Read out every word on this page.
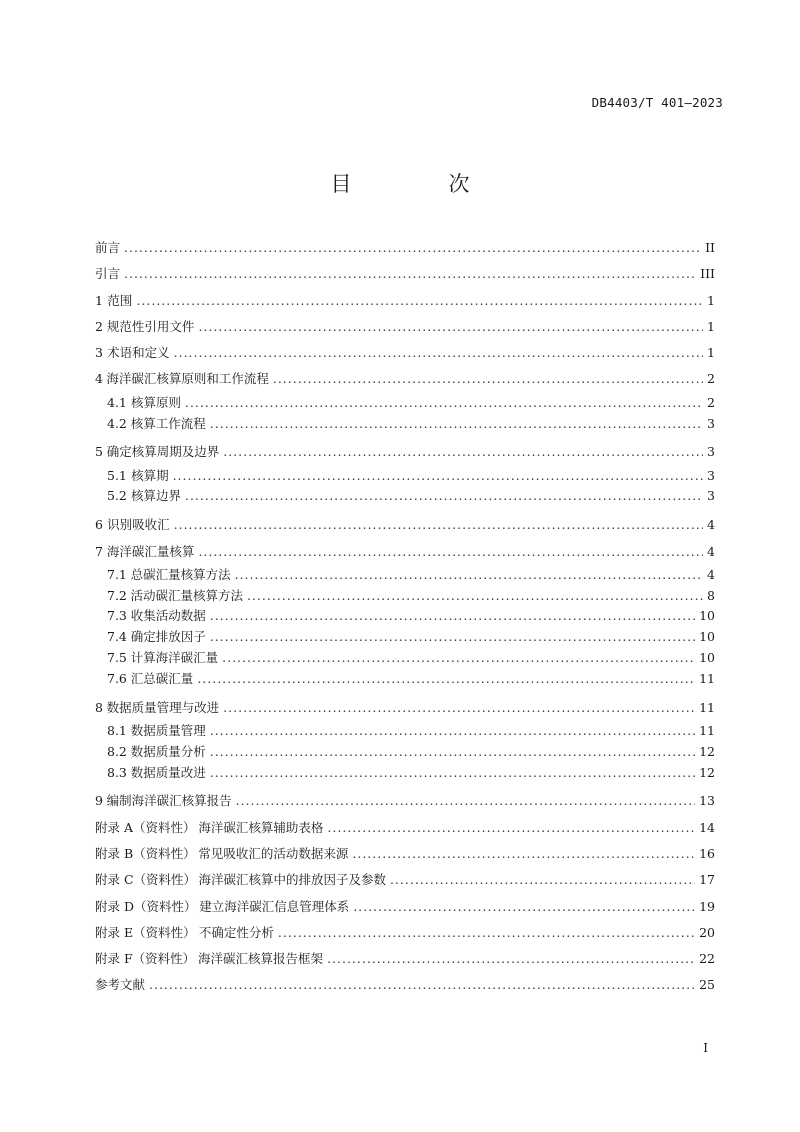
DB4403/T 401—2023
目　次
前言 .....	II
引言 .....	III
1 范围 .....	1
2 规范性引用文件 .....	1
3 术语和定义 .....	1
4 海洋碳汇核算原则和工作流程 .....	2
4.1 核算原则 .....	2
4.2 核算工作流程 .....	3
5 确定核算周期及边界 .....	3
5.1 核算期 .....	3
5.2 核算边界 .....	3
6 识别吸收汇 .....	4
7 海洋碳汇量核算 .....	4
7.1 总碳汇量核算方法 .....	4
7.2 活动碳汇量核算方法 .....	8
7.3 收集活动数据 .....	10
7.4 确定排放因子 .....	10
7.5 计算海洋碳汇量 .....	10
7.6 汇总碳汇量 .....	11
8 数据质量管理与改进 .....	11
8.1 数据质量管理 .....	11
8.2 数据质量分析 .....	12
8.3 数据质量改进 .....	12
9 编制海洋碳汇核算报告 .....	13
附录 A（资料性） 海洋碳汇核算辅助表格 .....	14
附录 B（资料性） 常见吸收汇的活动数据来源 .....	16
附录 C（资料性） 海洋碳汇核算中的排放因子及参数 .....	17
附录 D（资料性） 建立海洋碳汇信息管理体系 .....	19
附录 E（资料性） 不确定性分析 .....	20
附录 F（资料性） 海洋碳汇核算报告框架 .....	22
参考文献 .....	25
I
